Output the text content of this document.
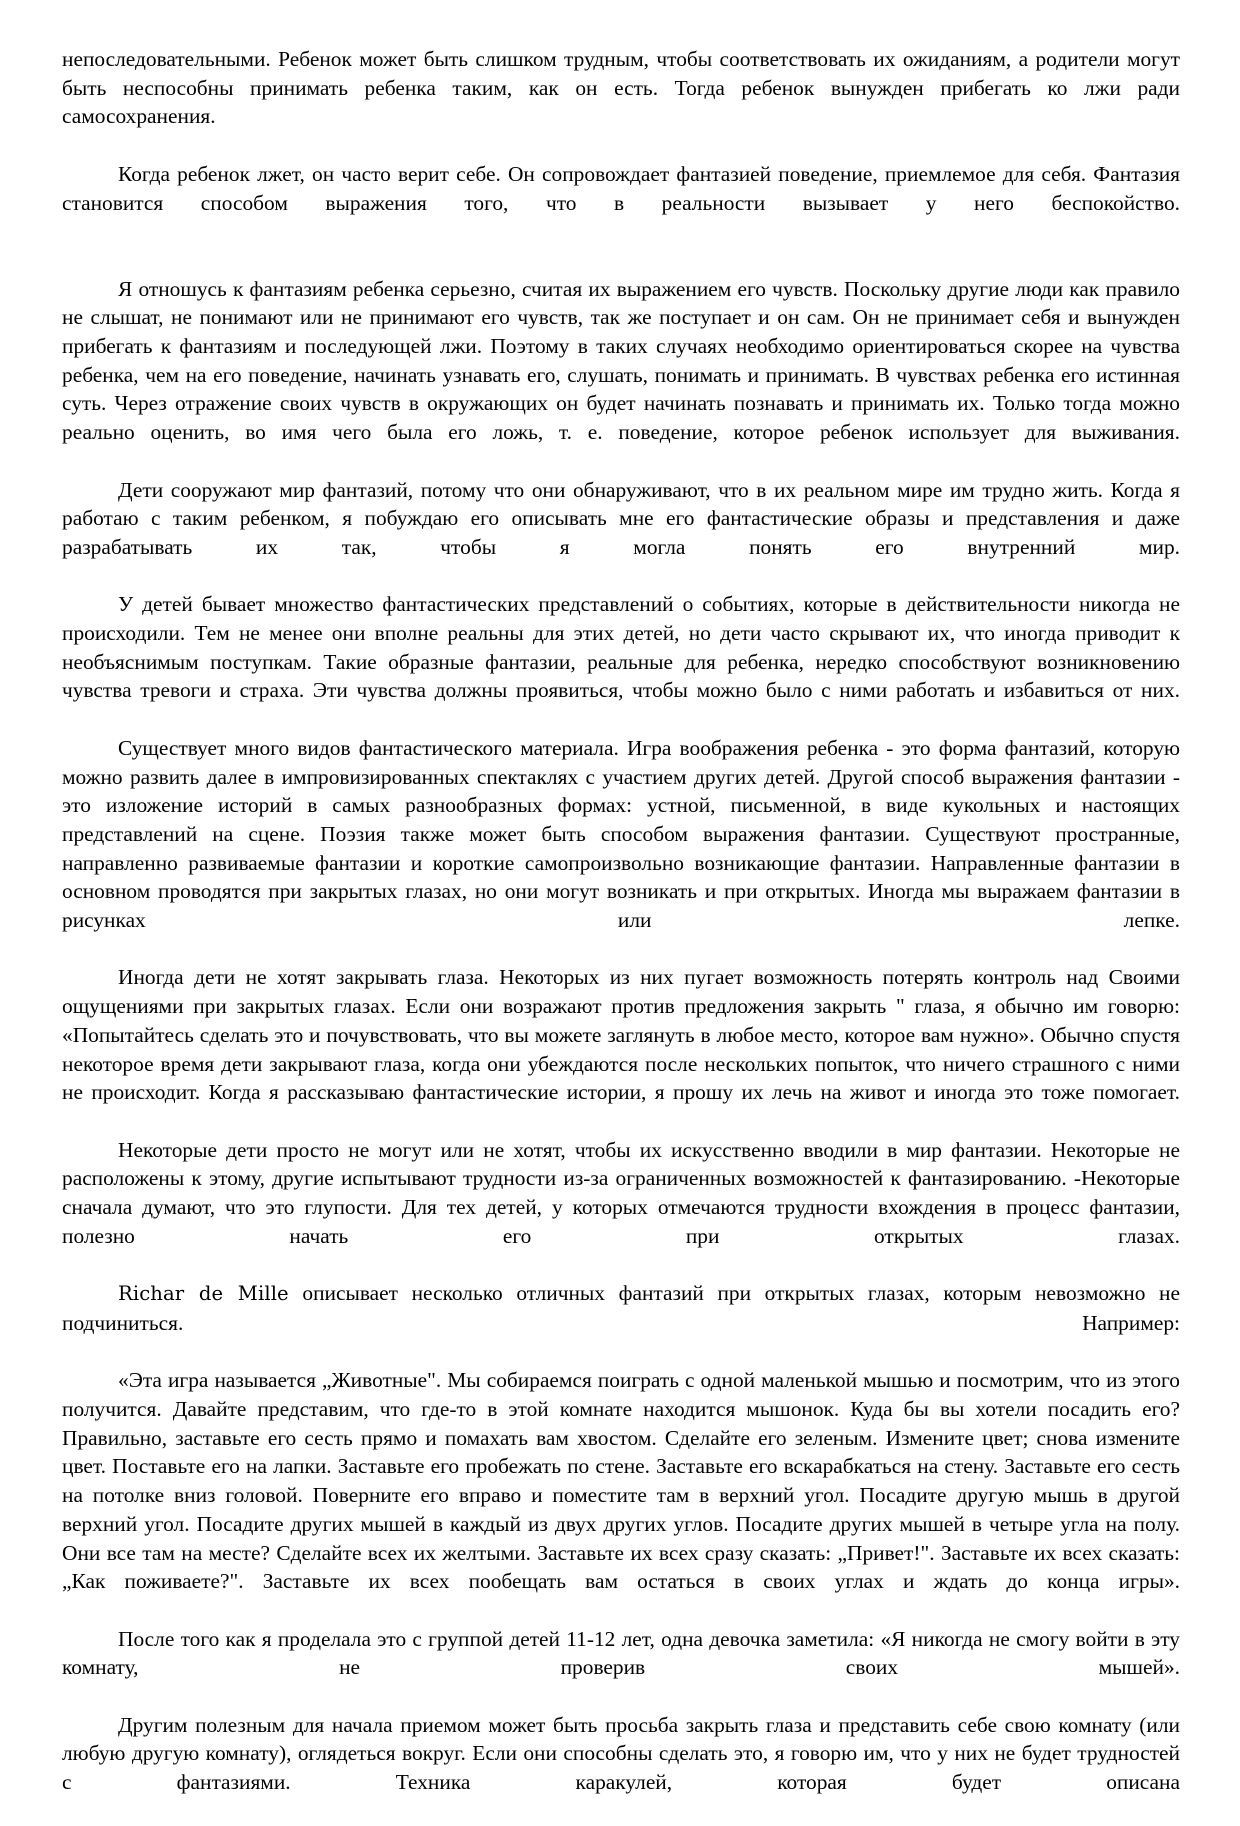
непоследовательными. Ребенок может быть слишком трудным, чтобы соответствовать их ожиданиям, а родители могут быть неспособны принимать ребенка таким, как он есть. Тогда ребенок вынужден прибегать ко лжи ради самосохранения.

Когда ребенок лжет, он часто верит себе. Он сопровождает фантазией поведение, приемлемое для себя. Фантазия становится способом выражения того, что в реальности вызывает у него беспокойство.

Я отношусь к фантазиям ребенка серьезно, считая их выражением его чувств. Поскольку другие люди как правило не слышат, не понимают или не принимают его чувств, так же поступает и он сам. Он не принимает себя и вынужден прибегать к фантазиям и последующей лжи. Поэтому в таких случаях необходимо ориентироваться скорее на чувства ребенка, чем на его поведение, начинать узнавать его, слушать, понимать и принимать. В чувствах ребенка его истинная суть. Через отражение своих чувств в окружающих он будет начинать познавать и принимать их. Только тогда можно реально оценить, во имя чего была его ложь, т. е. поведение, которое ребенок использует для выживания.

Дети сооружают мир фантазий, потому что они обнаруживают, что в их реальном мире им трудно жить. Когда я работаю с таким ребенком, я побуждаю его описывать мне его фантастические образы и представления и даже разрабатывать их так, чтобы я могла понять его внутренний мир.

У детей бывает множество фантастических представлений о событиях, которые в действительности никогда не происходили. Тем не менее они вполне реальны для этих детей, но дети часто скрывают их, что иногда приводит к необъяснимым поступкам. Такие образные фантазии, реальные для ребенка, нередко способствуют возникновению чувства тревоги и страха. Эти чувства должны проявиться, чтобы можно было с ними работать и избавиться от них.

Существует много видов фантастического материала. Игра воображения ребенка - это форма фантазий, которую можно развить далее в импровизированных спектаклях с участием других детей. Другой способ выражения фантазии - это изложение историй в самых разнообразных формах: устной, письменной, в виде кукольных и настоящих представлений на сцене. Поэзия также может быть способом выражения фантазии. Существуют пространные, направленно развиваемые фантазии и короткие самопроизвольно возникающие фантазии. Направленные фантазии в основном проводятся при закрытых глазах, но они могут возникать и при открытых. Иногда мы выражаем фантазии в рисунках или лепке.

Иногда дети не хотят закрывать глаза. Некоторых из них пугает возможность потерять контроль над Своими ощущениями при закрытых глазах. Если они возражают против предложения закрыть " глаза, я обычно им говорю: «Попытайтесь сделать это и почувствовать, что вы можете заглянуть в любое место, которое вам нужно». Обычно спустя некоторое время дети закрывают глаза, когда они убеждаются после нескольких попыток, что ничего страшного с ними не происходит. Когда я рассказываю фантастические истории, я прошу их лечь на живот и иногда это тоже помогает.

Некоторые дети просто не могут или не хотят, чтобы их искусственно вводили в мир фантазии. Некоторые не расположены к этому, другие испытывают трудности из-за ограниченных возможностей к фантазированию. -Некоторые сначала думают, что это глупости. Для тех детей, у которых отмечаются трудности вхождения в процесс фантазии, полезно начать его при открытых глазах.

Richar de Mille описывает несколько отличных фантазий при открытых глазах, которым невозможно не подчиниться. Например:

«Эта игра называется „Животные". Мы собираемся поиграть с одной маленькой мышью и посмотрим, что из этого получится. Давайте представим, что где-то в этой комнате находится мышонок. Куда бы вы хотели посадить его? Правильно, заставьте его сесть прямо и помахать вам хвостом. Сделайте его зеленым. Измените цвет; снова измените цвет. Поставьте его на лапки. Заставьте его пробежать по стене. Заставьте его вскарабкаться на стену. Заставьте его сесть на потолке вниз головой. Поверните его вправо и поместите там в верхний угол. Посадите другую мышь в другой верхний угол. Посадите других мышей в каждый из двух других углов. Посадите других мышей в четыре угла на полу. Они все там на месте? Сделайте всех их желтыми. Заставьте их всех сразу сказать: „Привет!". Заставьте их всех сказать: „Как поживаете?". Заставьте их всех пообещать вам остаться в своих углах и ждать до конца игры».

После того как я проделала это с группой детей 11-12 лет, одна девочка заметила: «Я никогда не смогу войти в эту комнату, не проверив своих мышей».

Другим полезным для начала приемом может быть просьба закрыть глаза и представить себе свою комнату (или любую другую комнату), оглядеться вокруг. Если они способны сделать это, я говорю им, что у них не будет трудностей с фантазиями. Техника каракулей, которая будет описана
